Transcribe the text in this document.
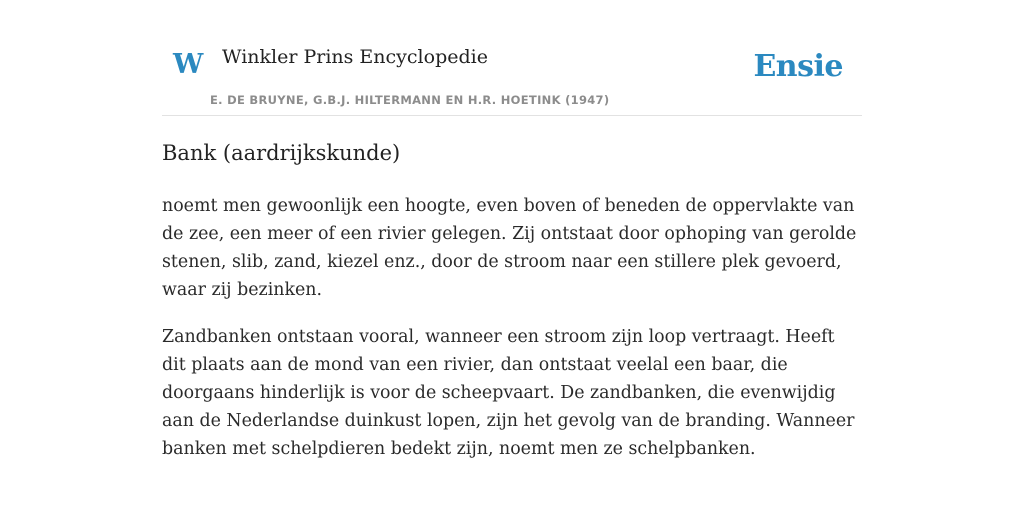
W Winkler Prins Encyclopedie
E. DE BRUYNE, G.B.J. HILTERMANN EN H.R. HOETINK (1947)
Ensie
Bank (aardrijkskunde)

noemt men gewoonlijk een hoogte, even boven of beneden de oppervlakte van de zee, een meer of een rivier gelegen. Zij ontstaat door ophoping van gerolde stenen, slib, zand, kiezel enz., door de stroom naar een stillere plek gevoerd, waar zij bezinken.

Zandbanken ontstaan vooral, wanneer een stroom zijn loop vertraagt. Heeft dit plaats aan de mond van een rivier, dan ontstaat veelal een baar, die doorgaans hinderlijk is voor de scheepvaart. De zandbanken, die evenwijdig aan de Nederlandse duinkust lopen, zijn het gevolg van de branding. Wanneer banken met schelpdieren bedekt zijn, noemt men ze schelpbanken.
